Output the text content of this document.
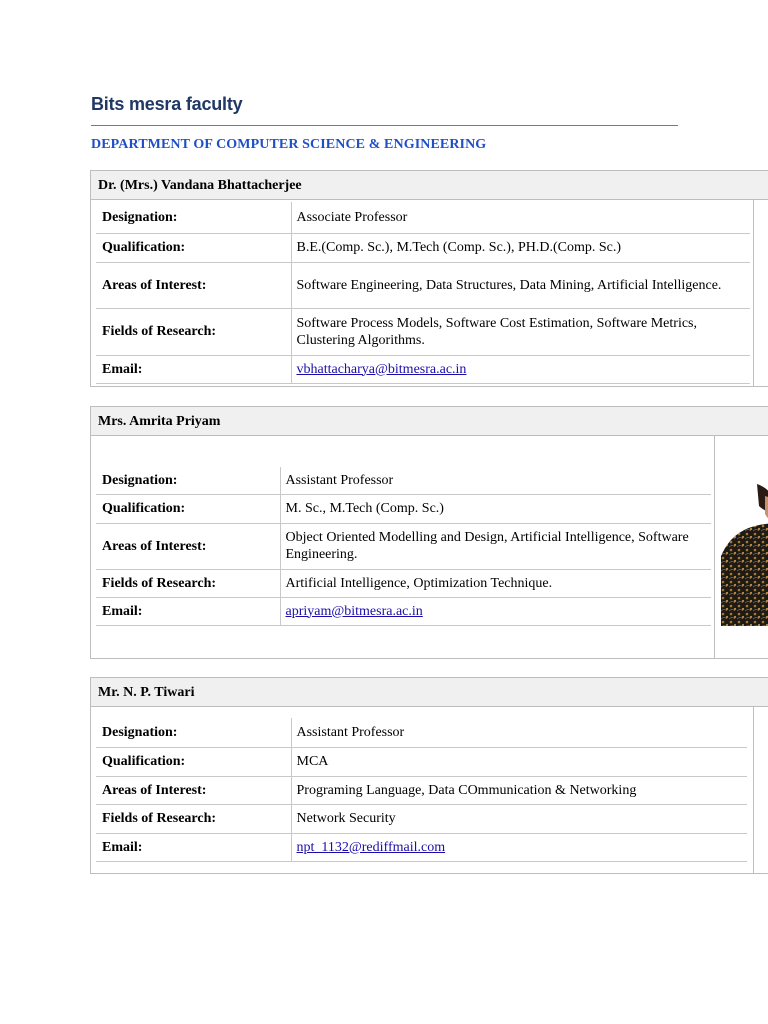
Bits mesra faculty
DEPARTMENT OF COMPUTER SCIENCE & ENGINEERING
Dr. (Mrs.) Vandana Bhattacherjee
Designation:	Associate Professor
Qualification:	B.E.(Comp. Sc.), M.Tech (Comp. Sc.), PH.D.(Comp. Sc.)
Areas of Interest:	Software Engineering, Data Structures, Data Mining, Artificial Intelligence.
Fields of Research:	Software Process Models, Software Cost Estimation, Software Metrics, Clustering Algorithms.
Email:	vbhattacharya@bitmesra.ac.in
Mrs. Amrita Priyam
Designation:	Assistant Professor
Qualification:	M. Sc., M.Tech (Comp. Sc.)
Areas of Interest:	Object Oriented Modelling and Design, Artificial Intelligence, Software Engineering.
Fields of Research:	Artificial Intelligence, Optimization Technique.
Email:	apriyam@bitmesra.ac.in
Mr. N. P. Tiwari
Designation:	Assistant Professor
Qualification:	MCA
Areas of Interest:	Programing Language, Data COmmunication & Networking
Fields of Research:	Network Security
Email:	npt_1132@rediffmail.com
